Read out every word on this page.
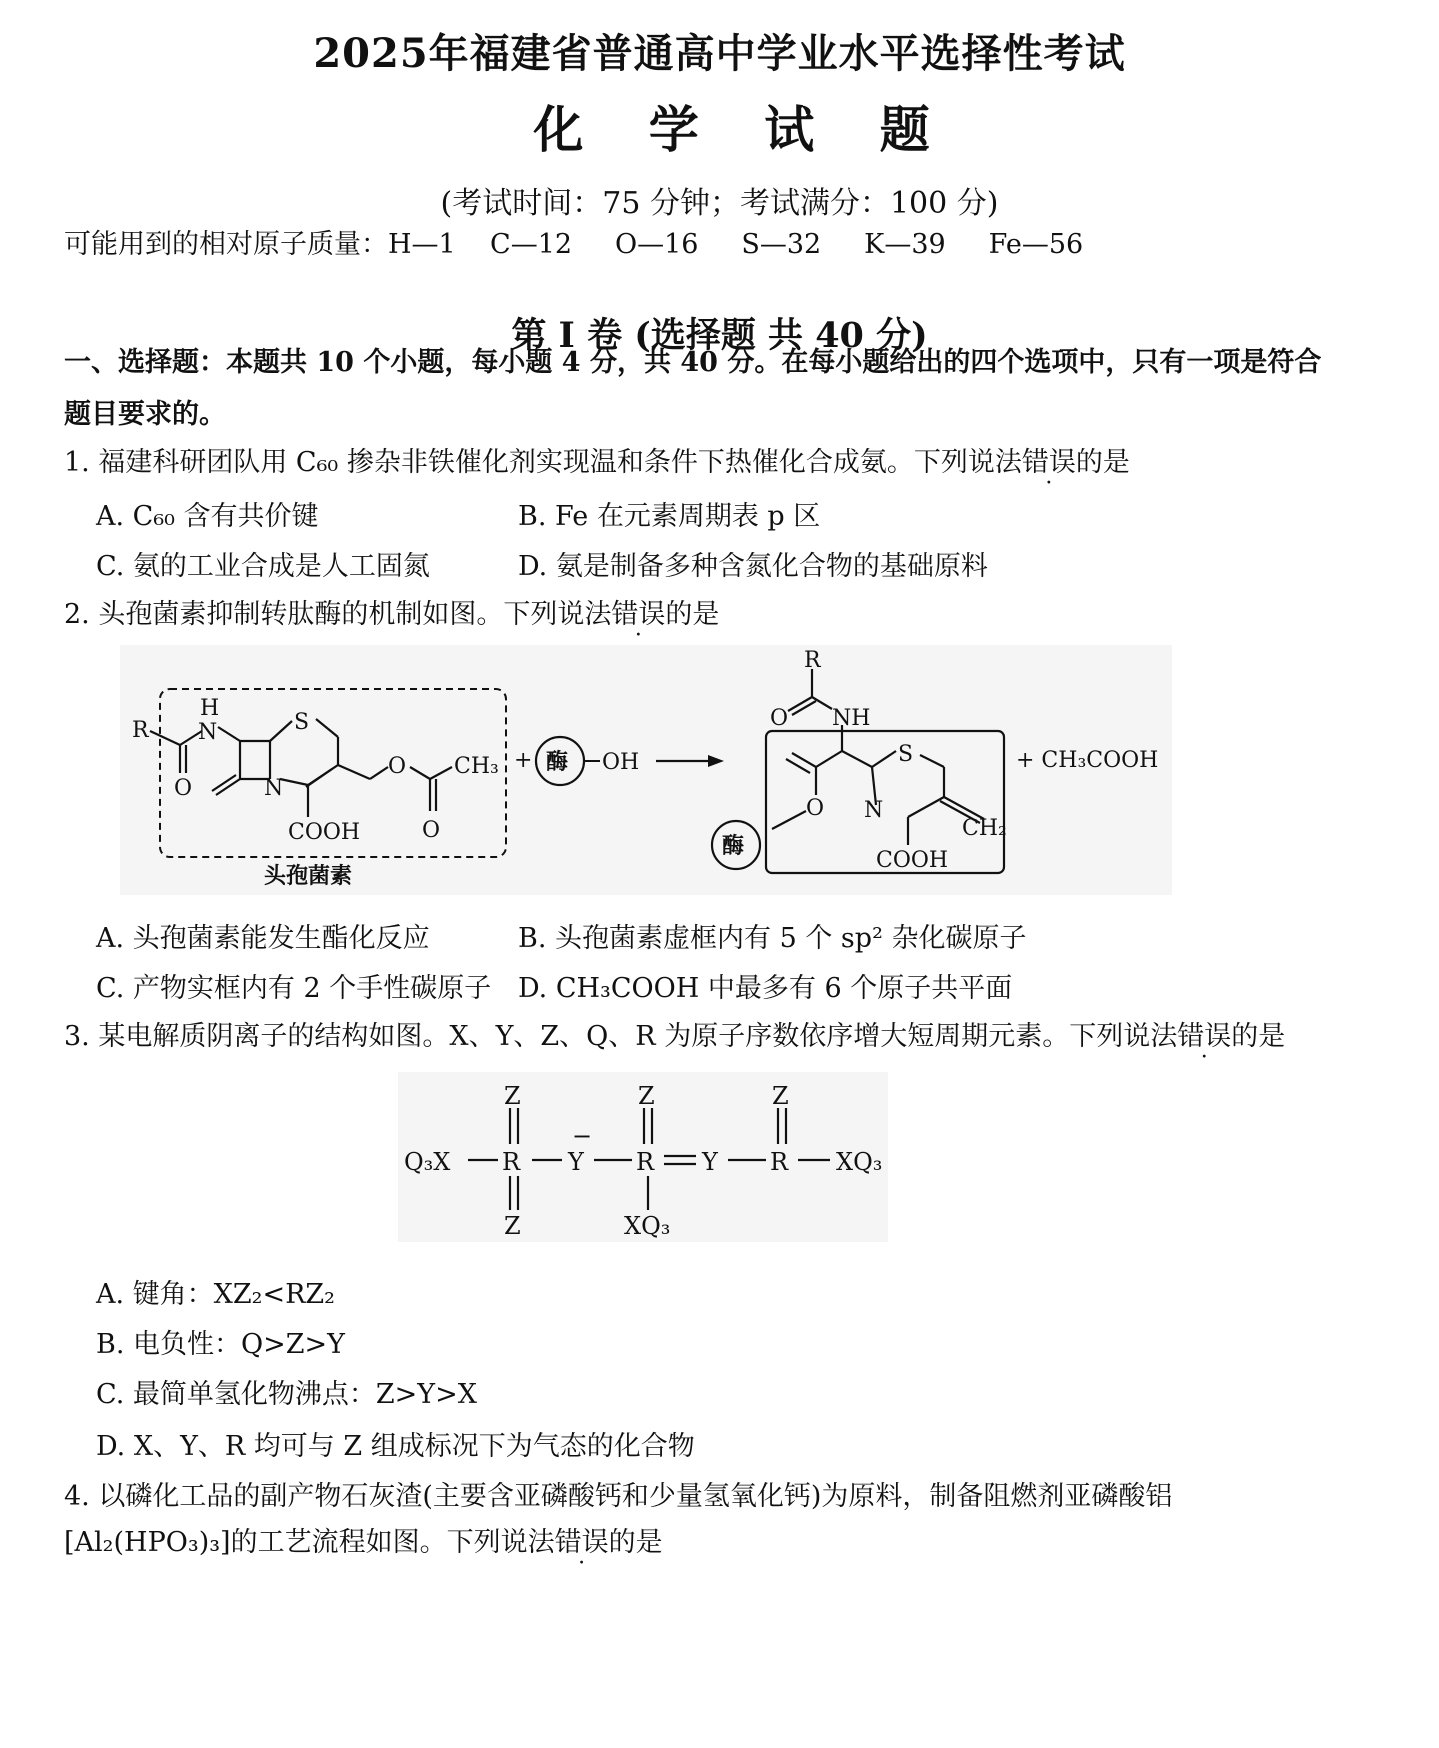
2025年福建省普通高中学业水平选择性考试
化 学 试 题
(考试时间：75 分钟；考试满分：100 分)
可能用到的相对原子质量：H—1    C—12     O—16     S—32     K—39     Fe—56
第 I 卷 (选择题 共 40 分)
一、选择题：本题共 10 个小题，每小题 4 分，共 40 分。在每小题给出的四个选项中，只有一项是符合
题目要求的。
1. 福建科研团队用 C₆₀ 掺杂非铁催化剂实现温和条件下热催化合成氨。下列说法错误的是
A. C₆₀ 含有共价键	B. Fe 在元素周期表 p 区
C. 氨的工业合成是人工固氮	D. 氨是制备多种含氮化合物的基础原料
2. 头孢菌素抑制转肽酶的机制如图。下列说法错误的是
R
H
N	S
O	N
COOH
O CH₃
O
头孢菌素
+ 酶 OH
R
NH
O
O
S
N
CH₂
COOH
酶
+ CH₃COOH
A. 头孢菌素能发生酯化反应	B. 头孢菌素虚框内有 5 个 sp² 杂化碳原子
C. 产物实框内有 2 个手性碳原子 D. CH₃COOH 中最多有 6 个原子共平面
3. 某电解质阴离子的结构如图。X、Y、Z、Q、R 为原子序数依序增大短周期元素。下列说法错误的是
Q₃X R Y
−
R Y R XQ₃
Z
Z
Z	Z
XQ₃
A. 键角：XZ₂<RZ₂
B. 电负性：Q>Z>Y
C. 最简单氢化物沸点：Z>Y>X
D. X、Y、R 均可与 Z 组成标况下为气态的化合物
4. 以磷化工品的副产物石灰渣(主要含亚磷酸钙和少量氢氧化钙)为原料，制备阻燃剂亚磷酸铝
[Al₂(HPO₃)₃]的工艺流程如图。下列说法错误的是
